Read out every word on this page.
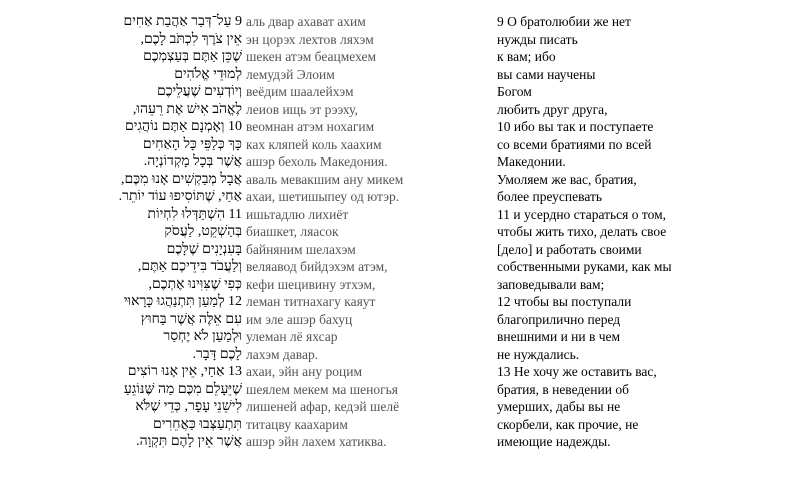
9 עַל־דְּבַר אַהֲבַת אַחִים
אֵין צֹרֶךְ לִכְתֹּב לָכֶם,
שֶׁכֵּן אַתֶּם בְּעַצְמְכֶם
לְמוּדֵי אֱלֹהִים
וְיוֹדְעִים שֶׁעֲלֵיכֶם
לֶאֱהֹב אִישׁ אֶת רֵעֵהוּ,
10 וְאָמְנָם אַתֶּם נוֹהֲגִים
כָּךְ כְּלַפֵּי כָּל הָאַחִים
אֲשֶׁר בְּכָל מָקְדוֹנְיָה.
אֲבָל מְבַקְשִׁים אָנוּ מִכֶּם,
אַחַי, שֶׁתּוֹסִיפוּ עוֹד יוֹתֵר.
11 הִשְׁתַּדְּלוּ לִחְיוֹת
בְּהַשְׁקֵט, לַעֲסֹק
בָּעִנְיָנִים שֶׁלָּכֶם
וְלַעֲבֹד בִּידֵיכֶם אַתֶּם,
כְּפִי שֶׁצִּוִּינוּ אֶתְכֶם,
12 לְמַעַן תִּתְנַהֲגוּ כָּרָאוּי
עִם אֵלֶּה אֲשֶׁר בַּחוּץ
וּלְמַעַן לֹא יֶחְסַר
לָכֶם דָּבָר.
13 אַחַי, אֵין אָנוּ רוֹצִים
שֶׁיֵּעָלֵם מִכֶּם מַה שֶּׁנּוֹגֵעַ
לִישֵׁנֵי עָפָר, כְּדֵי שֶׁלֹּא
תִּתְעַצְּבוּ כַּאֲחֵרִים
אֲשֶׁר אֵין לָהֶם תִּקְוָה.
аль двар ахават ахим
эн цорэх лехтов ляхэм
шекен атэм беацмехем
лемудэй Элоим
веёдим шаалейхэм
леиов ищь эт рээху,
веомнан атэм нохагим
ках кляпей коль хаахим
ашэр бехоль Македония.
аваль мевакшим ану микем
ахаи, шетишыпеу од ютэр.
ишьтадлю лихиёт
биашкет, ляасок
байняним шелахэм
веляавод бийдэхэм атэм,
кефи шецивину этхэм,
леман титнахагу каяут
им эле ашэр бахуц
улеман лё яхсар
лахэм давар.
ахаи, эйн ану роцим
шеялем мекем ма шеногья
лишеней афар, кедэй шелё
титацву каахарим
ашэр эйн лахем хатиква.
9 О братолюбии же нет
нужды писать
к вам; ибо
вы сами научены
Богом
любить друг друга,
10 ибо вы так и поступаете
со всеми братиями по всей
Македонии.
Умоляем же вас, братия,
более преуспевать
11 и усердно стараться о том,
чтобы жить тихо, делать свое
[дело] и работать своими
собственными руками, как мы
заповедывали вам;
12 чтобы вы поступали
благоприлично перед
внешними и ни в чем
не нуждались.
13 Не хочу же оставить вас,
братия, в неведении об
умерших, дабы вы не
скорбели, как прочие, не
имеющие надежды.
